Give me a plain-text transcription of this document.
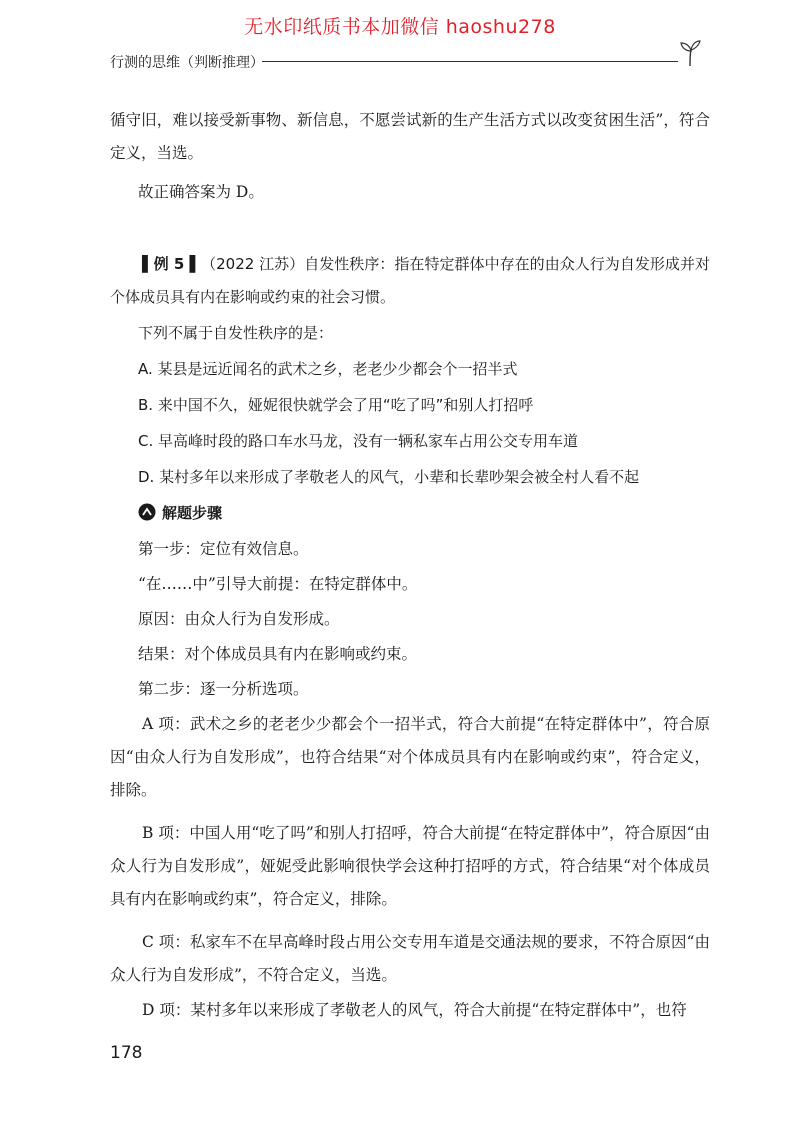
无水印纸质书本加微信 haoshu278
行测的思维（判断推理）

循守旧，难以接受新事物、新信息，不愿尝试新的生产生活方式以改变贫困生活”，符合定义，当选。

故正确答案为 D。

▌例 5 ▌（2022 江苏）自发性秩序：指在特定群体中存在的由众人行为自发形成并对个体成员具有内在影响或约束的社会习惯。

下列不属于自发性秩序的是：

A. 某县是远近闻名的武术之乡，老老少少都会个一招半式

B. 来中国不久，娅妮很快就学会了用“吃了吗”和别人打招呼

C. 早高峰时段的路口车水马龙，没有一辆私家车占用公交专用车道

D. 某村多年以来形成了孝敬老人的风气，小辈和长辈吵架会被全村人看不起

解题步骤

第一步：定位有效信息。

“在……中”引导大前提：在特定群体中。

原因：由众人行为自发形成。

结果：对个体成员具有内在影响或约束。

第二步：逐一分析选项。

A 项：武术之乡的老老少少都会个一招半式，符合大前提“在特定群体中”，符合原因“由众人行为自发形成”，也符合结果“对个体成员具有内在影响或约束”，符合定义，排除。

B 项：中国人用“吃了吗”和别人打招呼，符合大前提“在特定群体中”，符合原因“由众人行为自发形成”，娅妮受此影响很快学会这种打招呼的方式，符合结果“对个体成员具有内在影响或约束”，符合定义，排除。

C 项：私家车不在早高峰时段占用公交专用车道是交通法规的要求，不符合原因“由众人行为自发形成”，不符合定义，当选。

D 项：某村多年以来形成了孝敬老人的风气，符合大前提“在特定群体中”，也符

178
